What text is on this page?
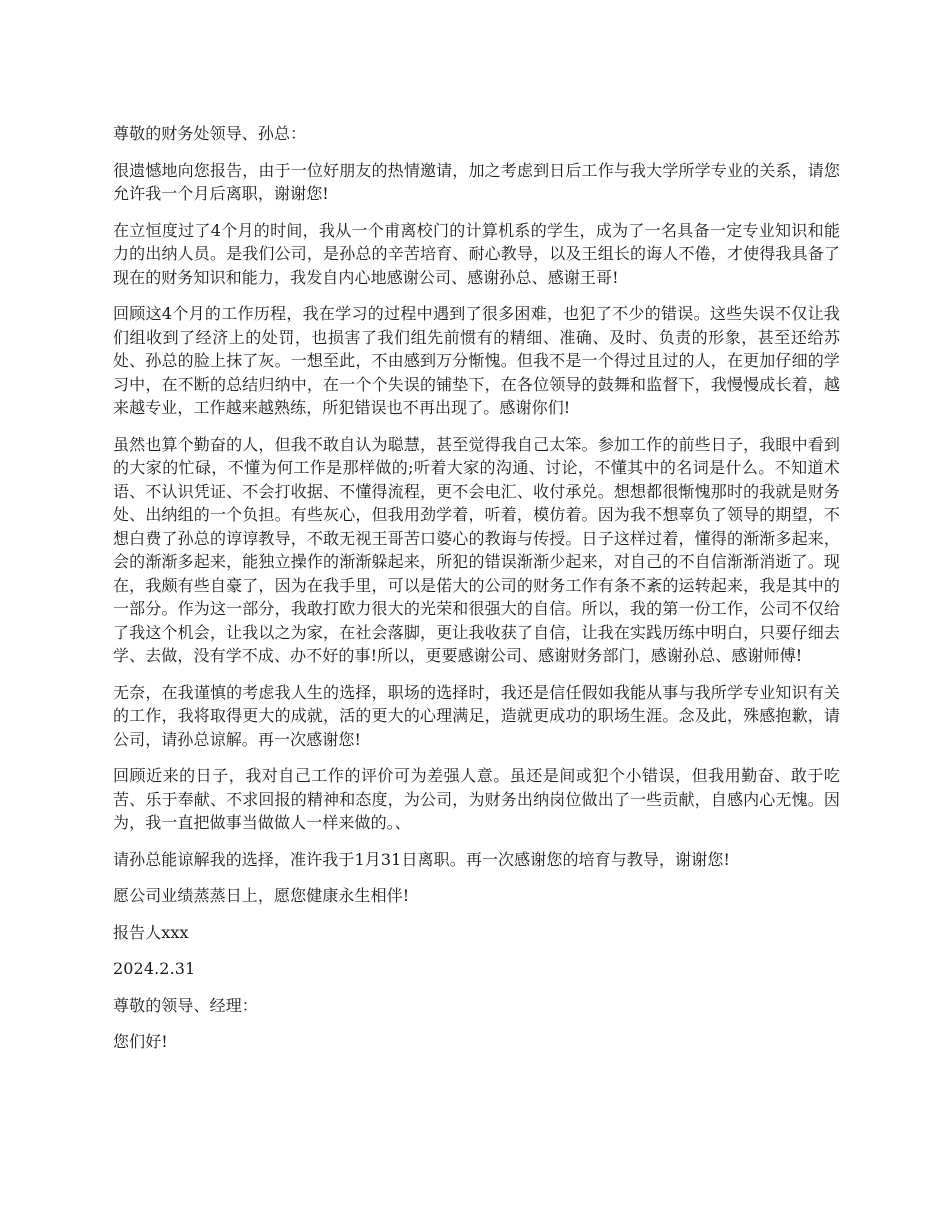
尊敬的财务处领导、孙总：

很遗憾地向您报告，由于一位好朋友的热情邀请，加之考虑到日后工作与我大学所学专业的关系，请您允许我一个月后离职，谢谢您!

在立恒度过了4个月的时间，我从一个甫离校门的计算机系的学生，成为了一名具备一定专业知识和能力的出纳人员。是我们公司，是孙总的辛苦培育、耐心教导，以及王组长的诲人不倦，才使得我具备了现在的财务知识和能力，我发自内心地感谢公司、感谢孙总、感谢王哥!

回顾这4个月的工作历程，我在学习的过程中遇到了很多困难，也犯了不少的错误。这些失误不仅让我们组收到了经济上的处罚，也损害了我们组先前惯有的精细、准确、及时、负责的形象，甚至还给苏处、孙总的脸上抹了灰。一想至此，不由感到万分惭愧。但我不是一个得过且过的人，在更加仔细的学习中，在不断的总结归纳中，在一个个失误的铺垫下，在各位领导的鼓舞和监督下，我慢慢成长着，越来越专业，工作越来越熟练，所犯错误也不再出现了。感谢你们!

虽然也算个勤奋的人，但我不敢自认为聪慧，甚至觉得我自己太笨。参加工作的前些日子，我眼中看到的大家的忙碌，不懂为何工作是那样做的;听着大家的沟通、讨论，不懂其中的名词是什么。不知道术语、不认识凭证、不会打收据、不懂得流程，更不会电汇、收付承兑。想想都很惭愧那时的我就是财务处、出纳组的一个负担。有些灰心，但我用劲学着，听着，模仿着。因为我不想辜负了领导的期望，不想白费了孙总的谆谆教导，不敢无视王哥苦口婆心的教诲与传授。日子这样过着，懂得的渐渐多起来，会的渐渐多起来，能独立操作的渐渐躲起来，所犯的错误渐渐少起来，对自己的不自信渐渐消逝了。现在，我颇有些自豪了，因为在我手里，可以是偌大的公司的财务工作有条不紊的运转起来，我是其中的一部分。作为这一部分，我敢打欧力很大的光荣和很强大的自信。所以，我的第一份工作，公司不仅给了我这个机会，让我以之为家，在社会落脚，更让我收获了自信，让我在实践历练中明白，只要仔细去学、去做，没有学不成、办不好的事!所以，更要感谢公司、感谢财务部门，感谢孙总、感谢师傅!

无奈，在我谨慎的考虑我人生的选择，职场的选择时，我还是信任假如我能从事与我所学专业知识有关的工作，我将取得更大的成就，活的更大的心理满足，造就更成功的职场生涯。念及此，殊感抱歉，请公司，请孙总谅解。再一次感谢您!

回顾近来的日子，我对自己工作的评价可为差强人意。虽还是间或犯个小错误，但我用勤奋、敢于吃苦、乐于奉献、不求回报的精神和态度，为公司，为财务出纳岗位做出了一些贡献，自感内心无愧。因为，我一直把做事当做做人一样来做的。、

请孙总能谅解我的选择，准许我于1月31日离职。再一次感谢您的培育与教导，谢谢您!

愿公司业绩蒸蒸日上，愿您健康永生相伴!

报告人xxx

2024.2.31

尊敬的领导、经理：

您们好!
